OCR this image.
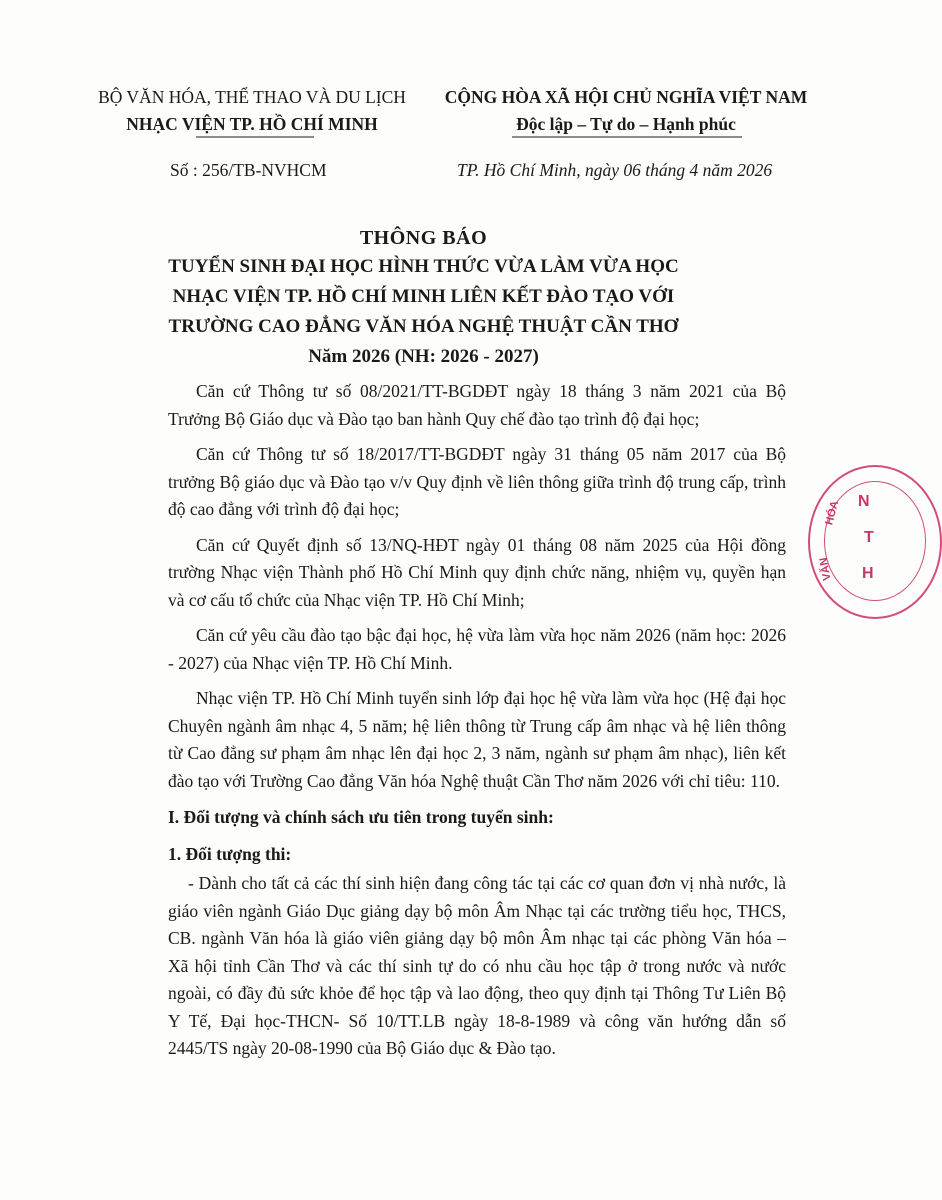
BỘ VĂN HÓA, THỂ THAO VÀ DU LỊCH
NHẠC VIỆN TP. HỒ CHÍ MINH
CỘNG HÒA XÃ HỘI CHỦ NGHĨA VIỆT NAM
Độc lập – Tự do – Hạnh phúc
Số : 256/TB-NVHCM	TP. Hồ Chí Minh, ngày 06 tháng 4 năm 2026
THÔNG BÁO
TUYỂN SINH ĐẠI HỌC HÌNH THỨC VỪA LÀM VỪA HỌC
NHẠC VIỆN TP. HỒ CHÍ MINH LIÊN KẾT ĐÀO TẠO VỚI
TRƯỜNG CAO ĐẲNG VĂN HÓA NGHỆ THUẬT CẦN THƠ
Năm 2026 (NH: 2026 - 2027)

Căn cứ Thông tư số 08/2021/TT-BGDĐT ngày 18 tháng 3 năm 2021 của Bộ Trưởng Bộ Giáo dục và Đào tạo ban hành Quy chế đào tạo trình độ đại học;

Căn cứ Thông tư số 18/2017/TT-BGDĐT ngày 31 tháng 05 năm 2017 của Bộ trưởng Bộ giáo dục và Đào tạo v/v Quy định về liên thông giữa trình độ trung cấp, trình độ cao đẳng với trình độ đại học;

Căn cứ Quyết định số 13/NQ-HĐT ngày 01 tháng 08 năm 2025 của Hội đồng trường Nhạc viện Thành phố Hồ Chí Minh quy định chức năng, nhiệm vụ, quyền hạn và cơ cấu tổ chức của Nhạc viện TP. Hồ Chí Minh;

Căn cứ yêu cầu đào tạo bậc đại học, hệ vừa làm vừa học năm 2026 (năm học: 2026 - 2027) của Nhạc viện TP. Hồ Chí Minh.

Nhạc viện TP. Hồ Chí Minh tuyển sinh lớp đại học hệ vừa làm vừa học (Hệ đại học Chuyên ngành âm nhạc 4, 5 năm; hệ liên thông từ Trung cấp âm nhạc và hệ liên thông từ Cao đẳng sư phạm âm nhạc lên đại học 2, 3 năm, ngành sư phạm âm nhạc), liên kết đào tạo với Trường Cao đẳng Văn hóa Nghệ thuật Cần Thơ năm 2026 với chỉ tiêu: 110.

I. Đối tượng và chính sách ưu tiên trong tuyển sinh:

1. Đối tượng thi:

- Dành cho tất cả các thí sinh hiện đang công tác tại các cơ quan đơn vị nhà nước, là giáo viên ngành Giáo Dục giảng dạy bộ môn Âm Nhạc tại các trường tiểu học, THCS, CB. ngành Văn hóa là giáo viên giảng dạy bộ môn Âm nhạc tại các phòng Văn hóa – Xã hội tỉnh Cần Thơ và các thí sinh tự do có nhu cầu học tập ở trong nước và nước ngoài, có đầy đủ sức khỏe để học tập và lao động, theo quy định tại Thông Tư Liên Bộ Y Tế, Đại học-THCN- Số 10/TT.LB ngày 18-8-1989 và công văn hướng dẫn số 2445/TS ngày 20-08-1990 của Bộ Giáo dục & Đào tạo.

N
T
H
HÓA
VĂN
